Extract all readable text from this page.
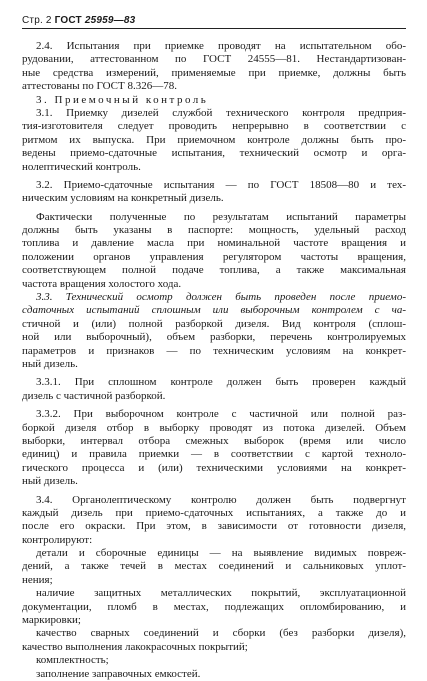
Стр. 2 ГОСТ 25959—83
2.4. Испытания при приемке проводят на испытательном обо-
рудовании, аттестованном по ГОСТ 24555—81. Нестандартизован-
ные средства измерений, применяемые при приемке, должны быть
аттестованы по ГОСТ 8.326—78.
3. Приемочный контроль
3.1. Приемку дизелей службой технического контроля предприя-
тия-изготовителя следует проводить непрерывно в соответствии с
ритмом их выпуска. При приемочном контроле должны быть про-
ведены приемо-сдаточные испытания, технический осмотр и орга-
нолептический контроль.
3.2. Приемо-сдаточные испытания — по ГОСТ 18508—80 и тех-
ническим условиям на конкретный дизель.
Фактически полученные по результатам испытаний параметры
должны быть указаны в паспорте: мощность, удельный расход
топлива и давление масла при номинальной частоте вращения и
положении органов управления регулятором частоты вращения,
соответствующем полной подаче топлива, а также максимальная
частота вращения холостого хода.
3.3. Технический осмотр должен быть проведен после приемо-
сдаточных испытаний сплошным или выборочным контролем с ча-
стичной и (или) полной разборкой дизеля. Вид контроля (сплош-
ной или выборочный), объем разборки, перечень контролируемых
параметров и признаков — по техническим условиям на конкрет-
ный дизель.
3.3.1. При сплошном контроле должен быть проверен каждый
дизель с частичной разборкой.
3.3.2. При выборочном контроле с частичной или полной раз-
боркой дизеля отбор в выборку проводят из потока дизелей. Объем
выборки, интервал отбора смежных выборок (время или число
единиц) и правила приемки — в соответствии с картой техноло-
гического процесса и (или) техническими условиями на конкрет-
ный дизель.
3.4. Органолептическому контролю должен быть подвергнут
каждый дизель при приемо-сдаточных испытаниях, а также до и
после его окраски. При этом, в зависимости от готовности дизеля,
контролируют:
детали и сборочные единицы — на выявление видимых повреж-
дений, а также течей в местах соединений и сальниковых уплот-
нения;
наличие защитных металлических покрытий, эксплуатационной
документации, пломб в местах, подлежащих опломбированию, и
маркировки;
качество сварных соединений и сборки (без разборки дизеля),
качество выполнения лакокрасочных покрытий;
комплектность;
заполнение заправочных емкостей.
